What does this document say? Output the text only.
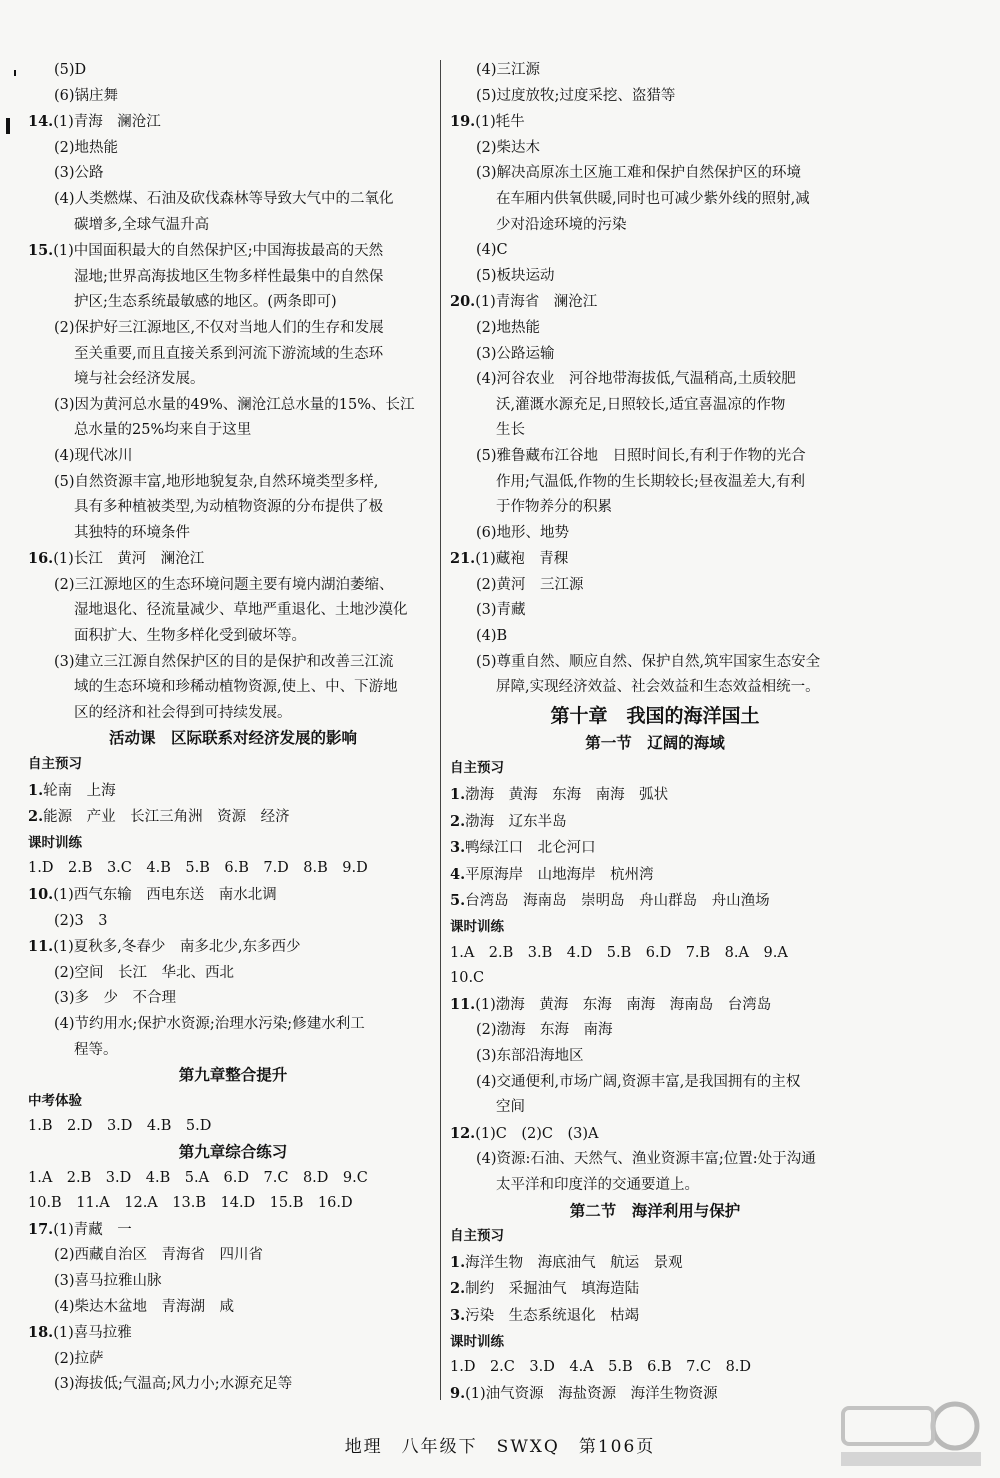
(5)D
(6)锅庄舞
14.(1)青海　澜沧江
(2)地热能
(3)公路
(4)人类燃煤、石油及砍伐森林等导致大气中的二氧化
碳增多,全球气温升高
15.(1)中国面积最大的自然保护区;中国海拔最高的天然
湿地;世界高海拔地区生物多样性最集中的自然保
护区;生态系统最敏感的地区。(两条即可)
(2)保护好三江源地区,不仅对当地人们的生存和发展
至关重要,而且直接关系到河流下游流域的生态环
境与社会经济发展。
(3)因为黄河总水量的49%、澜沧江总水量的15%、长江
总水量的25%均来自于这里
(4)现代冰川
(5)自然资源丰富,地形地貌复杂,自然环境类型多样,
具有多种植被类型,为动植物资源的分布提供了极
其独特的环境条件
16.(1)长江　黄河　澜沧江
(2)三江源地区的生态环境问题主要有境内湖泊萎缩、
湿地退化、径流量减少、草地严重退化、土地沙漠化
面积扩大、生物多样化受到破坏等。
(3)建立三江源自然保护区的目的是保护和改善三江流
域的生态环境和珍稀动植物资源,使上、中、下游地
区的经济和社会得到可持续发展。
活动课　区际联系对经济发展的影响
自主预习
1.轮南　上海
2.能源　产业　长江三角洲　资源　经济
课时训练
1.D　2.B　3.C　4.B　5.B　6.B　7.D　8.B　9.D
10.(1)西气东输　西电东送　南水北调
(2)3　3
11.(1)夏秋多,冬春少　南多北少,东多西少
(2)空间　长江　华北、西北
(3)多　少　不合理
(4)节约用水;保护水资源;治理水污染;修建水利工
程等。
第九章整合提升
中考体验
1.B　2.D　3.D　4.B　5.D
第九章综合练习
1.A　2.B　3.D　4.B　5.A　6.D　7.C　8.D　9.C
10.B　11.A　12.A　13.B　14.D　15.B　16.D
17.(1)青藏　一
(2)西藏自治区　青海省　四川省
(3)喜马拉雅山脉
(4)柴达木盆地　青海湖　咸
18.(1)喜马拉雅
(2)拉萨
(3)海拔低;气温高;风力小;水源充足等
(4)三江源
(5)过度放牧;过度采挖、盗猎等
19.(1)牦牛
(2)柴达木
(3)解决高原冻土区施工难和保护自然保护区的环境
在车厢内供氧供暖,同时也可减少紫外线的照射,减
少对沿途环境的污染
(4)C
(5)板块运动
20.(1)青海省　澜沧江
(2)地热能
(3)公路运输
(4)河谷农业　河谷地带海拔低,气温稍高,土质较肥
沃,灌溉水源充足,日照较长,适宜喜温凉的作物
生长
(5)雅鲁藏布江谷地　日照时间长,有利于作物的光合
作用;气温低,作物的生长期较长;昼夜温差大,有利
于作物养分的积累
(6)地形、地势
21.(1)藏袍　青稞
(2)黄河　三江源
(3)青藏
(4)B
(5)尊重自然、顺应自然、保护自然,筑牢国家生态安全
屏障,实现经济效益、社会效益和生态效益相统一。
第十章　我国的海洋国土
第一节　辽阔的海域
自主预习
1.渤海　黄海　东海　南海　弧状
2.渤海　辽东半岛
3.鸭绿江口　北仑河口
4.平原海岸　山地海岸　杭州湾
5.台湾岛　海南岛　崇明岛　舟山群岛　舟山渔场
课时训练
1.A　2.B　3.B　4.D　5.B　6.D　7.B　8.A　9.A
10.C
11.(1)渤海　黄海　东海　南海　海南岛　台湾岛
(2)渤海　东海　南海
(3)东部沿海地区
(4)交通便利,市场广阔,资源丰富,是我国拥有的主权
空间
12.(1)C　(2)C　(3)A
(4)资源:石油、天然气、渔业资源丰富;位置:处于沟通
太平洋和印度洋的交通要道上。
第二节　海洋利用与保护
自主预习
1.海洋生物　海底油气　航运　景观
2.制约　采掘油气　填海造陆
3.污染　生态系统退化　枯竭
课时训练
1.D　2.C　3.D　4.A　5.B　6.B　7.C　8.D
9.(1)油气资源　海盐资源　海洋生物资源
地理　八年级下　SWXQ　第106页
